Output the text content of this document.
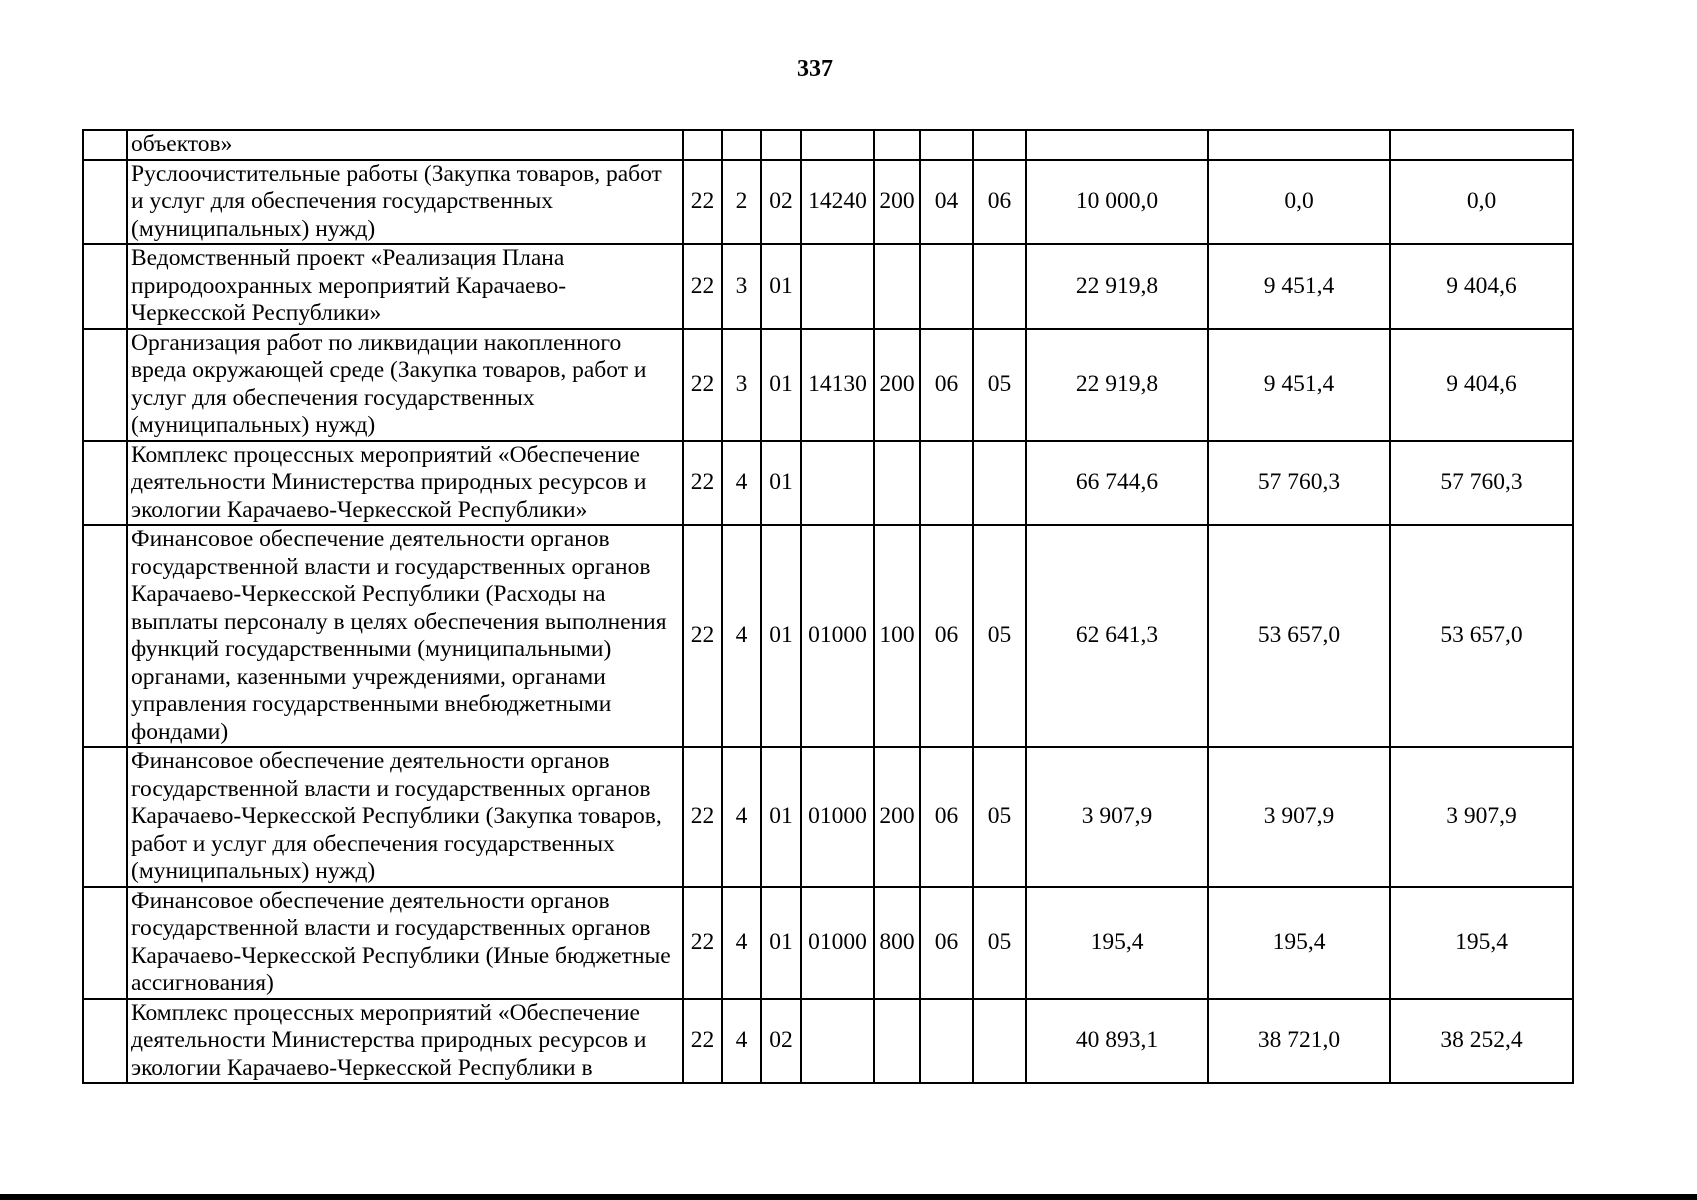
337
	объектов»										
	Руслоочистительные работы (Закупка товаров, работ и услуг для обеспечения государственных (муниципальных) нужд)	22	2	02	14240	200	04	06	10 000,0	0,0	0,0
	Ведомственный проект «Реализация Плана природоохранных мероприятий Карачаево-Черкесской Республики»	22	3	01					22 919,8	9 451,4	9 404,6
	Организация работ по ликвидации накопленного вреда окружающей среде (Закупка товаров, работ и услуг для обеспечения государственных (муниципальных) нужд)	22	3	01	14130	200	06	05	22 919,8	9 451,4	9 404,6
	Комплекс процессных мероприятий «Обеспечение деятельности Министерства природных ресурсов и экологии Карачаево-Черкесской Республики»	22	4	01					66 744,6	57 760,3	57 760,3
	Финансовое обеспечение деятельности органов государственной власти и государственных органов Карачаево-Черкесской Республики (Расходы на выплаты персоналу в целях обеспечения выполнения функций государственными (муниципальными) органами, казенными учреждениями, органами управления государственными внебюджетными фондами)	22	4	01	01000	100	06	05	62 641,3	53 657,0	53 657,0
	Финансовое обеспечение деятельности органов государственной власти и государственных органов Карачаево-Черкесской Республики (Закупка товаров, работ и услуг для обеспечения государственных (муниципальных) нужд)	22	4	01	01000	200	06	05	3 907,9	3 907,9	3 907,9
	Финансовое обеспечение деятельности органов государственной власти и государственных органов Карачаево-Черкесской Республики (Иные бюджетные ассигнования)	22	4	01	01000	800	06	05	195,4	195,4	195,4
	Комплекс процессных мероприятий «Обеспечение деятельности Министерства природных ресурсов и экологии Карачаево-Черкесской Республики в	22	4	02					40 893,1	38 721,0	38 252,4
